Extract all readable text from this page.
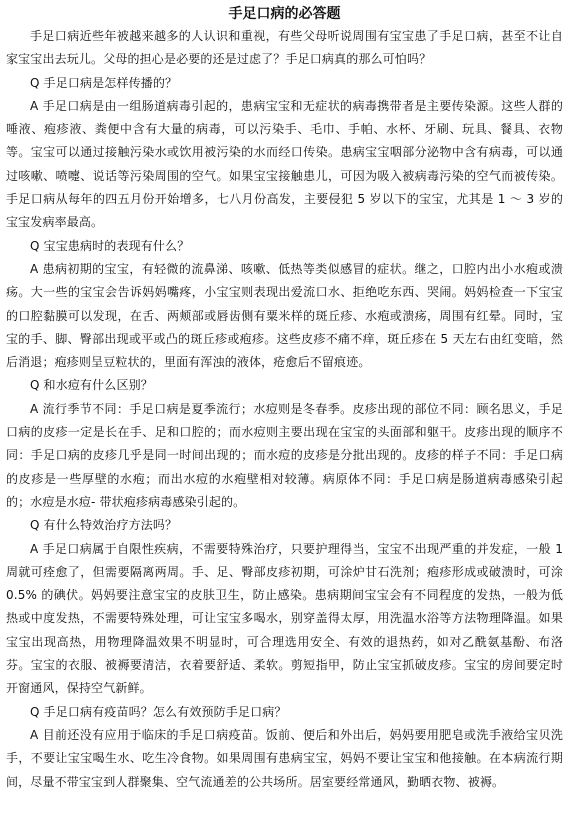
手足口病的必答题

手足口病近些年被越来越多的人认识和重视，有些父母听说周围有宝宝患了手足口病，甚至不让自家宝宝出去玩儿。父母的担心是必要的还是过虑了？手足口病真的那么可怕吗？

Q 手足口病是怎样传播的？

A 手足口病是由一组肠道病毒引起的，患病宝宝和无症状的病毒携带者是主要传染源。这些人群的唾液、疱疹液、粪便中含有大量的病毒，可以污染手、毛巾、手帕、水杯、牙刷、玩具、餐具、衣物等。宝宝可以通过接触污染水或饮用被污染的水而经口传染。患病宝宝咽部分泌物中含有病毒，可以通过咳嗽、喷嚏、说话等污染周围的空气。如果宝宝接触患儿，可因为吸入被病毒污染的空气而被传染。手足口病从每年的四五月份开始增多，七八月份高发，主要侵犯 5 岁以下的宝宝，尤其是 1 ～ 3 岁的宝宝发病率最高。

Q 宝宝患病时的表现有什么？

A 患病初期的宝宝，有轻微的流鼻涕、咳嗽、低热等类似感冒的症状。继之，口腔内出小水疱或溃疡。大一些的宝宝会告诉妈妈嘴疼，小宝宝则表现出爱流口水、拒绝吃东西、哭闹。妈妈检查一下宝宝的口腔黏膜可以发现，在舌、两颊部或唇齿侧有粟米样的斑丘疹、水疱或溃疡，周围有红晕。同时，宝宝的手、脚、臀部出现或平或凸的斑丘疹或疱疹。这些皮疹不痛不痒，斑丘疹在 5 天左右由红变暗，然后消退；疱疹则呈豆粒状的，里面有浑浊的液体，疮愈后不留痕迹。

Q 和水痘有什么区别？

A 流行季节不同：手足口病是夏季流行；水痘则是冬春季。皮疹出现的部位不同：顾名思义，手足口病的皮疹一定是长在手、足和口腔的；而水痘则主要出现在宝宝的头面部和躯干。皮疹出现的顺序不同：手足口病的皮疹几乎是同一时间出现的；而水痘的皮疹是分批出现的。皮疹的样子不同：手足口病的皮疹是一些厚壁的水疱；而出水痘的水疱壁相对较薄。病原体不同：手足口病是肠道病毒感染引起的；水痘是水痘- 带状疱疹病毒感染引起的。

Q 有什么特效治疗方法吗？

A 手足口病属于自限性疾病，不需要特殊治疗，只要护理得当，宝宝不出现严重的并发症，一般 1 周就可痊愈了，但需要隔离两周。手、足、臀部皮疹初期，可涂炉甘石洗剂；疱疹形成或破溃时，可涂 0.5% 的碘伏。妈妈要注意宝宝的皮肤卫生，防止感染。患病期间宝宝会有不同程度的发热，一般为低热或中度发热，不需要特殊处理，可让宝宝多喝水，别穿盖得太厚，用洗温水浴等方法物理降温。如果宝宝出现高热，用物理降温效果不明显时，可合理选用安全、有效的退热药，如对乙酰氨基酚、布洛芬。宝宝的衣服、被褥要清洁，衣着要舒适、柔软。剪短指甲，防止宝宝抓破皮疹。宝宝的房间要定时开窗通风，保持空气新鲜。

Q 手足口病有疫苗吗？怎么有效预防手足口病？

A 目前还没有应用于临床的手足口病疫苗。饭前、便后和外出后，妈妈要用肥皂或洗手液给宝贝洗手，不要让宝宝喝生水、吃生冷食物。如果周围有患病宝宝，妈妈不要让宝宝和他接触。在本病流行期间，尽量不带宝宝到人群聚集、空气流通差的公共场所。居室要经常通风，勤晒衣物、被褥。
